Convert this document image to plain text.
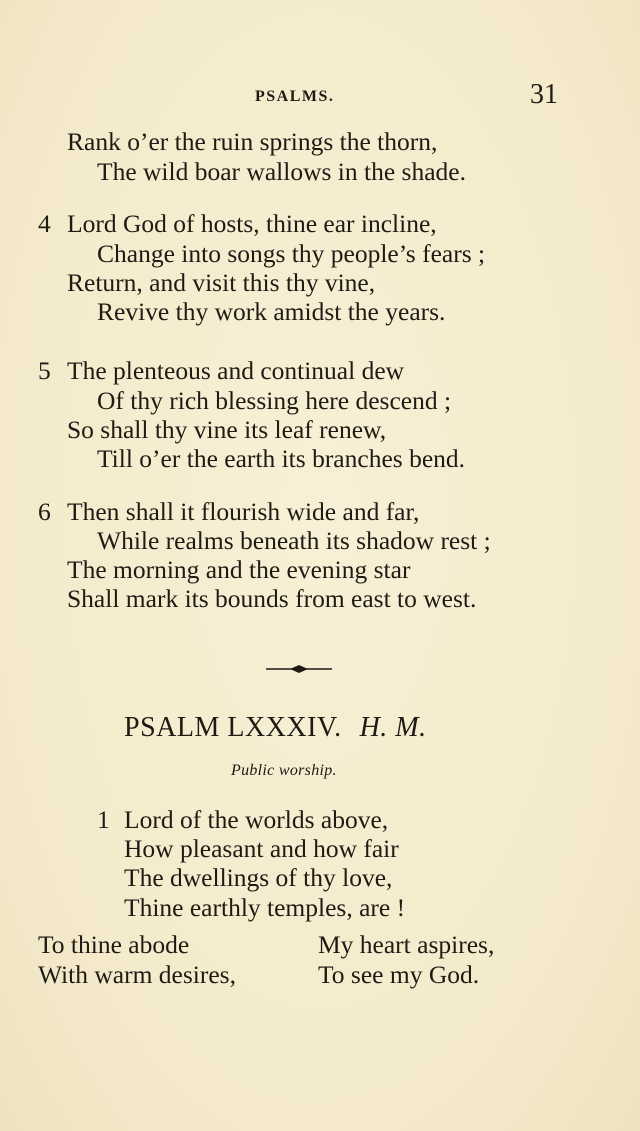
PSALMS.	31
Rank o’er the ruin springs the thorn,
The wild boar wallows in the shade.
4 Lord God of hosts, thine ear incline,
Change into songs thy people’s fears ;
Return, and visit this thy vine,
Revive thy work amidst the years.
5 The plenteous and continual dew
Of thy rich blessing here descend ;
So shall thy vine its leaf renew,
Till o’er the earth its branches bend.
6 Then shall it flourish wide and far,
While realms beneath its shadow rest ;
The morning and the evening star
Shall mark its bounds from east to west.
PSALM LXXXIV. H. M.
Public worship.
1 Lord of the worlds above,
How pleasant and how fair
The dwellings of thy love,
Thine earthly temples, are !
To thine abode	My heart aspires,
With warm desires,	To see my God.
